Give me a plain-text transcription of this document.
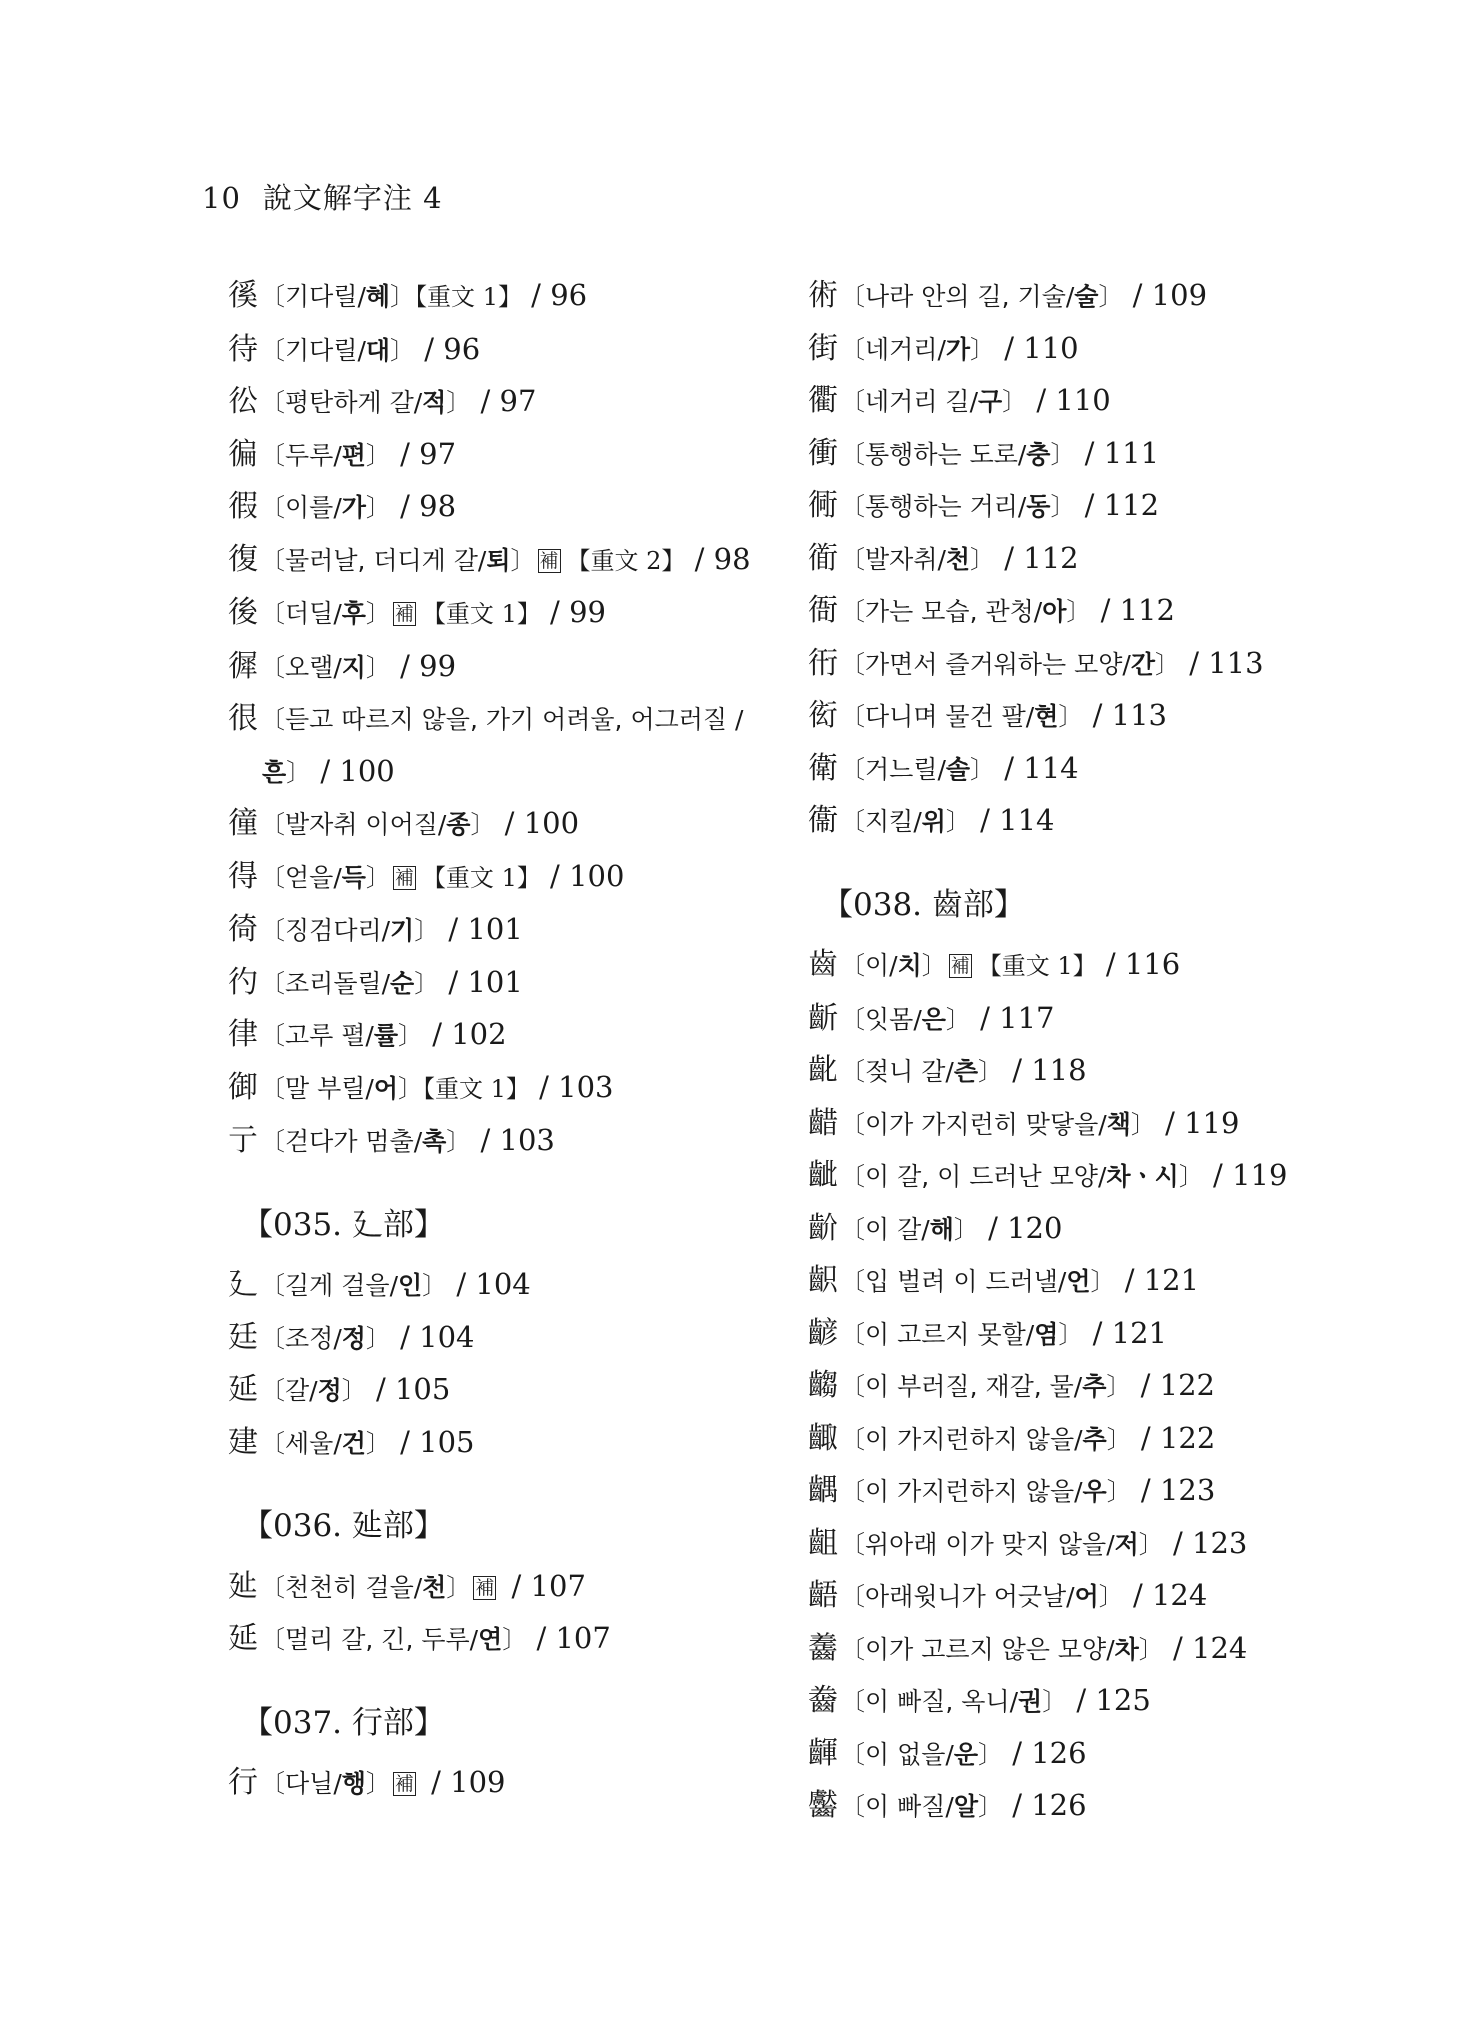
10 說文解字注 4
徯〔기다릴/혜〕【重文 1】 / 96
待〔기다릴/대〕 / 96
彸〔평탄하게 갈/적〕 / 97
徧〔두루/편〕 / 97
徦〔이를/가〕 / 98
復〔물러날, 더디게 갈/퇴〕 補 【重文 2】 / 98
後〔더딜/후〕 補 【重文 1】 / 99
徲〔오랠/지〕 / 99
很〔듣고 따르지 않을, 가기 어려울, 어그러질 /흔〕 / 100
徸〔발자취 이어질/종〕 / 100
得〔얻을/득〕 補 【重文 1】 / 100
徛〔징검다리/기〕 / 101
彴〔조리돌릴/순〕 / 101
律〔고루 펼/률〕 / 102
御〔말 부릴/어〕【重文 1】 / 103
亍〔걷다가 멈출/촉〕 / 103
【035. 廴部】
廴〔길게 걸을/인〕 / 104
廷〔조정/정〕 / 104
延〔갈/정〕 / 105
建〔세울/건〕 / 105
【036. 㢟部】
㢟〔천천히 걸을/천〕 補 / 107
延〔멀리 갈, 긴, 두루/연〕 / 107
【037. 行部】
行〔다닐/행〕 補 / 109
術〔나라 안의 길, 기술/술〕 / 109
街〔네거리/가〕 / 110
衢〔네거리 길/구〕 / 110
衝〔통행하는 도로/충〕 / 111
衕〔통행하는 거리/동〕 / 112
衜〔발자취/천〕 / 112
衙〔가는 모습, 관청/아〕 / 112
衎〔가면서 즐거워하는 모양/간〕 / 113
衒〔다니며 물건 팔/현〕 / 113
衛〔거느릴/솔〕 / 114
衞〔지킬/위〕 / 114
【038. 齒部】
齒〔이/치〕 補 【重文 1】 / 116
齗〔잇몸/은〕 / 117
齔〔젖니 갈/츤〕 / 118
齰〔이가 가지런히 맞닿을/책〕 / 119
齜〔이 갈, 이 드러난 모양/차ㆍ시〕 / 119
齘〔이 갈/해〕 / 120
齞〔입 벌려 이 드러낼/언〕 / 121
齴〔이 고르지 못할/염〕 / 121
齺〔이 부러질, 재갈, 물/추〕 / 122
齱〔이 가지런하지 않을/추〕 / 122
齵〔이 가지런하지 않을/우〕 / 123
齟〔위아래 이가 맞지 않을/저〕 / 123
齬〔아래윗니가 어긋날/어〕 / 124
齹〔이가 고르지 않은 모양/차〕 / 124
齤〔이 빠질, 옥니/권〕 / 125
齳〔이 없을/운〕 / 126
齾〔이 빠질/알〕 / 126
